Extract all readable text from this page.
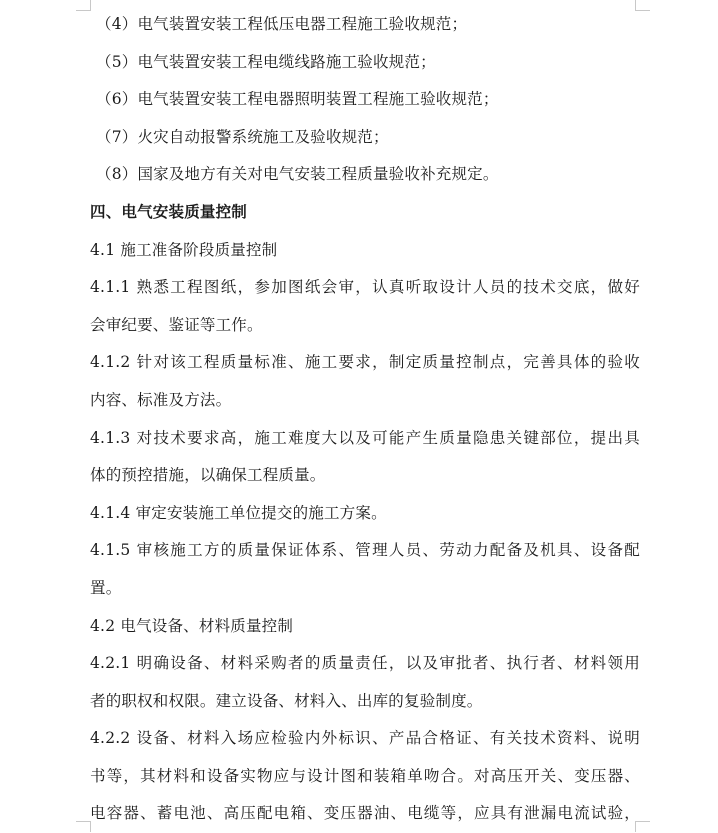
（4）电气装置安装工程低压电器工程施工验收规范；
（5）电气装置安装工程电缆线路施工验收规范；
（6）电气装置安装工程电器照明装置工程施工验收规范；
（7）火灾自动报警系统施工及验收规范；
（8）国家及地方有关对电气安装工程质量验收补充规定。
四、电气安装质量控制
4.1 施工准备阶段质量控制
4.1.1 熟悉工程图纸，参加图纸会审，认真听取设计人员的技术交底，做好
会审纪要、鉴证等工作。
4.1.2 针对该工程质量标准、施工要求，制定质量控制点，完善具体的验收
内容、标准及方法。
4.1.3 对技术要求高，施工难度大以及可能产生质量隐患关键部位，提出具
体的预控措施，以确保工程质量。
4.1.4 审定安装施工单位提交的施工方案。
4.1.5 审核施工方的质量保证体系、管理人员、劳动力配备及机具、设备配
置。
4.2 电气设备、材料质量控制
4.2.1 明确设备、材料采购者的质量责任，以及审批者、执行者、材料领用
者的职权和权限。建立设备、材料入、出库的复验制度。
4.2.2 设备、材料入场应检验内外标识、产品合格证、有关技术资料、说明
书等，其材料和设备实物应与设计图和装箱单吻合。对高压开关、变压器、
电容器、蓄电池、高压配电箱、变压器油、电缆等，应具有泄漏电流试验，
